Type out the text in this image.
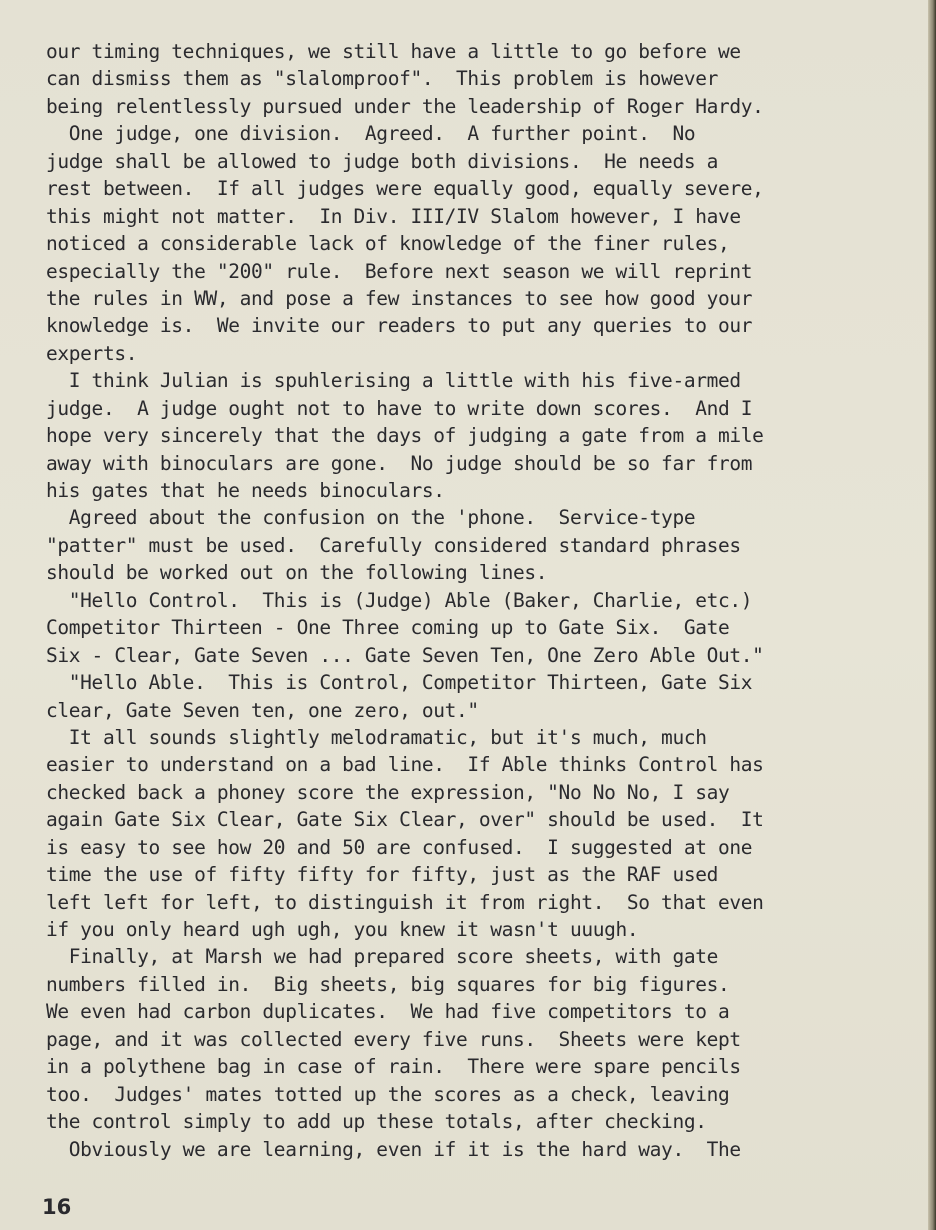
our timing techniques, we still have a little to go before we
can dismiss them as "slalomproof".  This problem is however
being relentlessly pursued under the leadership of Roger Hardy.
One judge, one division.  Agreed.  A further point.  No
judge shall be allowed to judge both divisions.  He needs a
rest between.  If all judges were equally good, equally severe,
this might not matter.  In Div. III/IV Slalom however, I have
noticed a considerable lack of knowledge of the finer rules,
especially the "200" rule.  Before next season we will reprint
the rules in WW, and pose a few instances to see how good your
knowledge is.  We invite our readers to put any queries to our
experts.
I think Julian is spuhlerising a little with his five-armed
judge.  A judge ought not to have to write down scores.  And I
hope very sincerely that the days of judging a gate from a mile
away with binoculars are gone.  No judge should be so far from
his gates that he needs binoculars.
Agreed about the confusion on the 'phone.  Service-type
"patter" must be used.  Carefully considered standard phrases
should be worked out on the following lines.
"Hello Control.  This is (Judge) Able (Baker, Charlie, etc.)
Competitor Thirteen - One Three coming up to Gate Six.  Gate
Six - Clear, Gate Seven ... Gate Seven Ten, One Zero Able Out."
"Hello Able.  This is Control, Competitor Thirteen, Gate Six
clear, Gate Seven ten, one zero, out."
It all sounds slightly melodramatic, but it's much, much
easier to understand on a bad line.  If Able thinks Control has
checked back a phoney score the expression, "No No No, I say
again Gate Six Clear, Gate Six Clear, over" should be used.  It
is easy to see how 20 and 50 are confused.  I suggested at one
time the use of fifty fifty for fifty, just as the RAF used
left left for left, to distinguish it from right.  So that even
if you only heard ugh ugh, you knew it wasn't uuugh.
Finally, at Marsh we had prepared score sheets, with gate
numbers filled in.  Big sheets, big squares for big figures.
We even had carbon duplicates.  We had five competitors to a
page, and it was collected every five runs.  Sheets were kept
in a polythene bag in case of rain.  There were spare pencils
too.  Judges' mates totted up the scores as a check, leaving
the control simply to add up these totals, after checking.
Obviously we are learning, even if it is the hard way.  The
16
